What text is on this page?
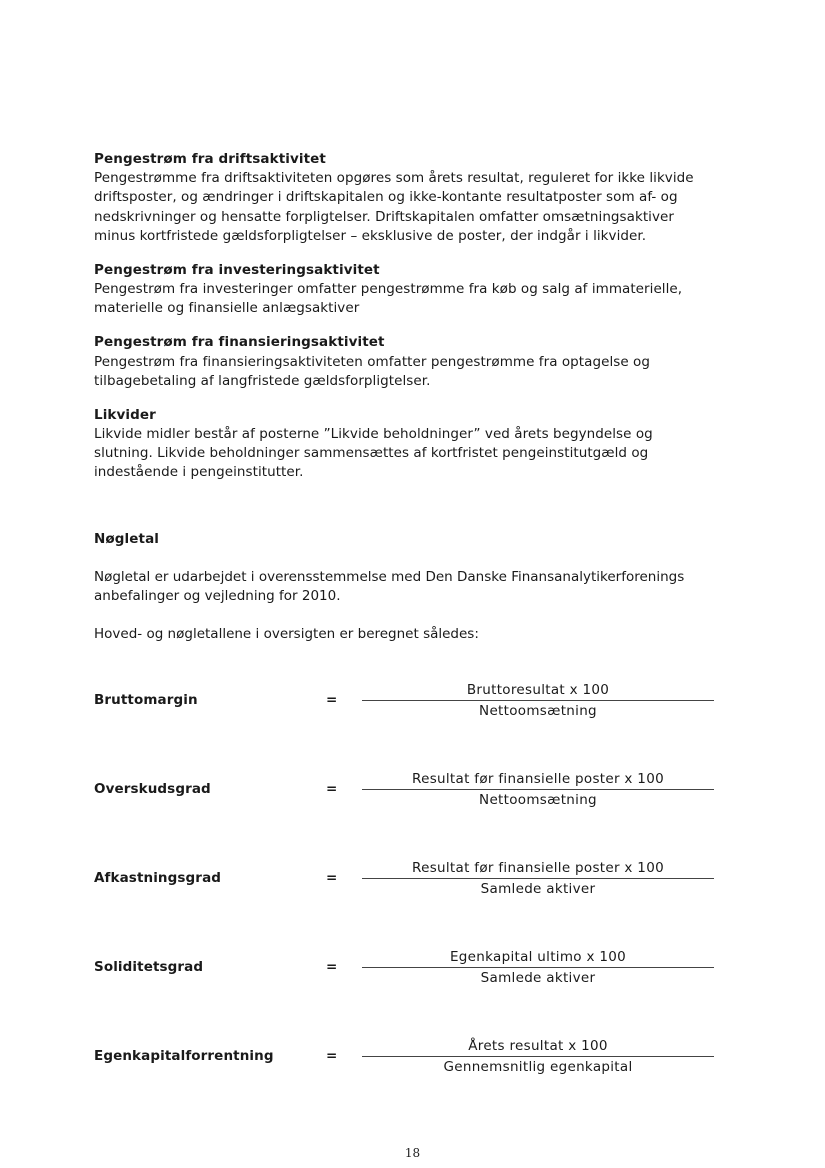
Pengestrøm fra driftsaktivitet

Pengestrømme fra driftsaktiviteten opgøres som årets resultat, reguleret for ikke likvide driftsposter, og ændringer i driftskapitalen og ikke-kontante resultatposter som af- og nedskrivninger og hensatte forpligtelser. Driftskapitalen omfatter omsætningsaktiver minus kortfristede gældsforpligtelser – eksklusive de poster, der indgår i likvider.

Pengestrøm fra investeringsaktivitet

Pengestrøm fra investeringer omfatter pengestrømme fra køb og salg af immaterielle, materielle og finansielle anlægsaktiver

Pengestrøm fra finansieringsaktivitet

Pengestrøm fra finansieringsaktiviteten omfatter pengestrømme fra optagelse og tilbagebetaling af langfristede gældsforpligtelser.

Likvider

Likvide midler består af posterne ”Likvide beholdninger” ved årets begyndelse og slutning. Likvide beholdninger sammensættes af kortfristet pengeinstitutgæld og indestående i pengeinstitutter.

Nøgletal

Nøgletal er udarbejdet i overensstemmelse med Den Danske Finansanalytikerforenings anbefalinger og vejledning for 2010.

Hoved- og nøgletallene i oversigten er beregnet således:

Bruttomargin	=	$\frac{\text{Bruttoresultat x 100}}{\text{Nettoomsætning}}$
Overskudsgrad	=	$\frac{\text{Resultat før finansielle poster x 100}}{\text{Nettoomsætning}}$
Afkastningsgrad	=	$\frac{\text{Resultat før finansielle poster x 100}}{\text{Samlede aktiver}}$
Soliditetsgrad	=	$\frac{\text{Egenkapital ultimo x 100}}{\text{Samlede aktiver}}$
Egenkapitalforrentning	=	$\frac{\text{Årets resultat x 100}}{\text{Gennemsnitlig egenkapital}}$
18
